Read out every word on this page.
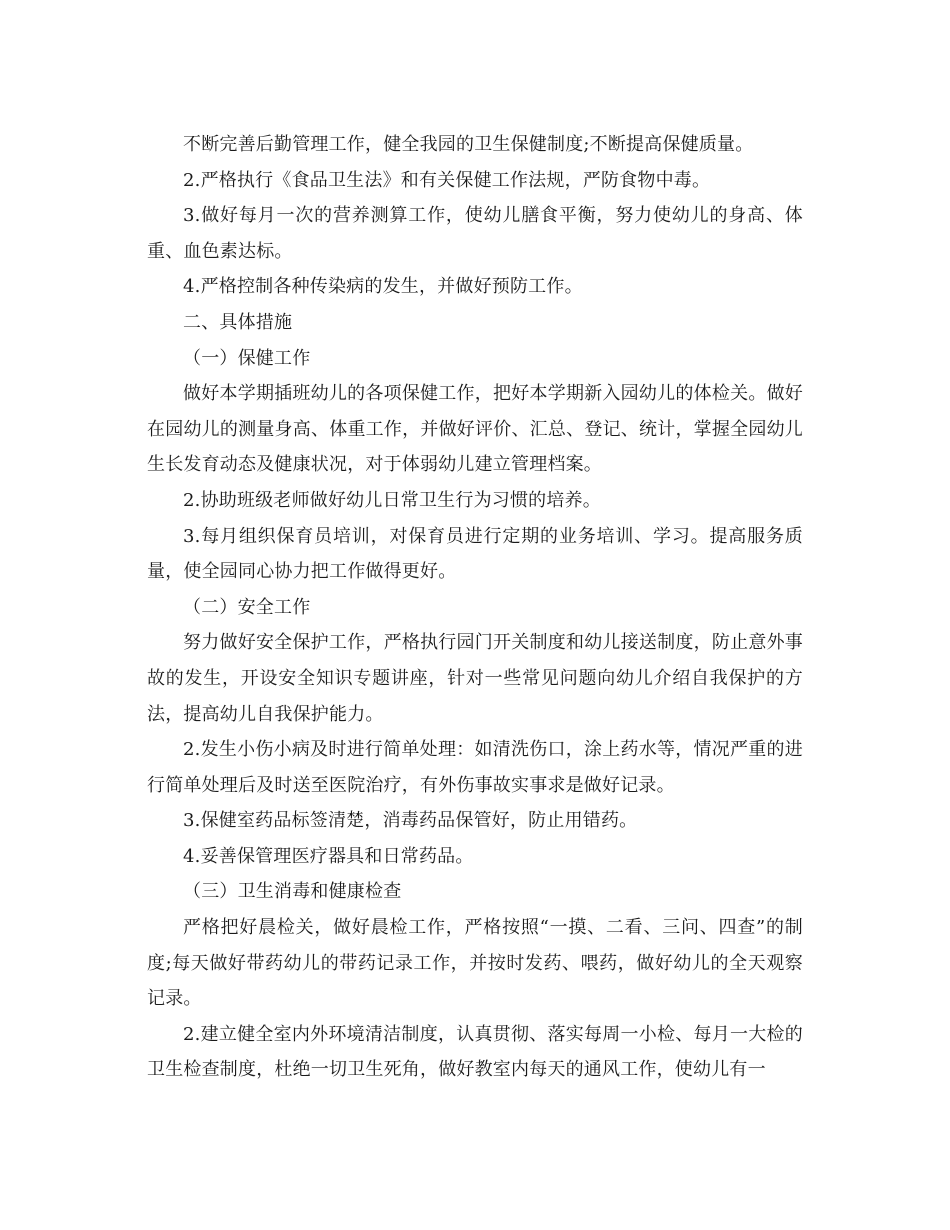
不断完善后勤管理工作，健全我园的卫生保健制度;不断提高保健质量。

2.严格执行《食品卫生法》和有关保健工作法规，严防食物中毒。

3.做好每月一次的营养测算工作，使幼儿膳食平衡，努力使幼儿的身高、体重、血色素达标。

4.严格控制各种传染病的发生，并做好预防工作。

二、具体措施

（一）保健工作

做好本学期插班幼儿的各项保健工作，把好本学期新入园幼儿的体检关。做好在园幼儿的测量身高、体重工作，并做好评价、汇总、登记、统计，掌握全园幼儿生长发育动态及健康状况，对于体弱幼儿建立管理档案。

2.协助班级老师做好幼儿日常卫生行为习惯的培养。

3.每月组织保育员培训，对保育员进行定期的业务培训、学习。提高服务质量，使全园同心协力把工作做得更好。

（二）安全工作

努力做好安全保护工作，严格执行园门开关制度和幼儿接送制度，防止意外事故的发生，开设安全知识专题讲座，针对一些常见问题向幼儿介绍自我保护的方法，提高幼儿自我保护能力。

2.发生小伤小病及时进行简单处理：如清洗伤口，涂上药水等，情况严重的进行简单处理后及时送至医院治疗，有外伤事故实事求是做好记录。

3.保健室药品标签清楚，消毒药品保管好，防止用错药。

4.妥善保管理医疗器具和日常药品。

（三）卫生消毒和健康检查

严格把好晨检关，做好晨检工作，严格按照“一摸、二看、三问、四查”的制度;每天做好带药幼儿的带药记录工作，并按时发药、喂药，做好幼儿的全天观察记录。

2.建立健全室内外环境清洁制度，认真贯彻、落实每周一小检、每月一大检的卫生检查制度，杜绝一切卫生死角，做好教室内每天的通风工作，使幼儿有一
